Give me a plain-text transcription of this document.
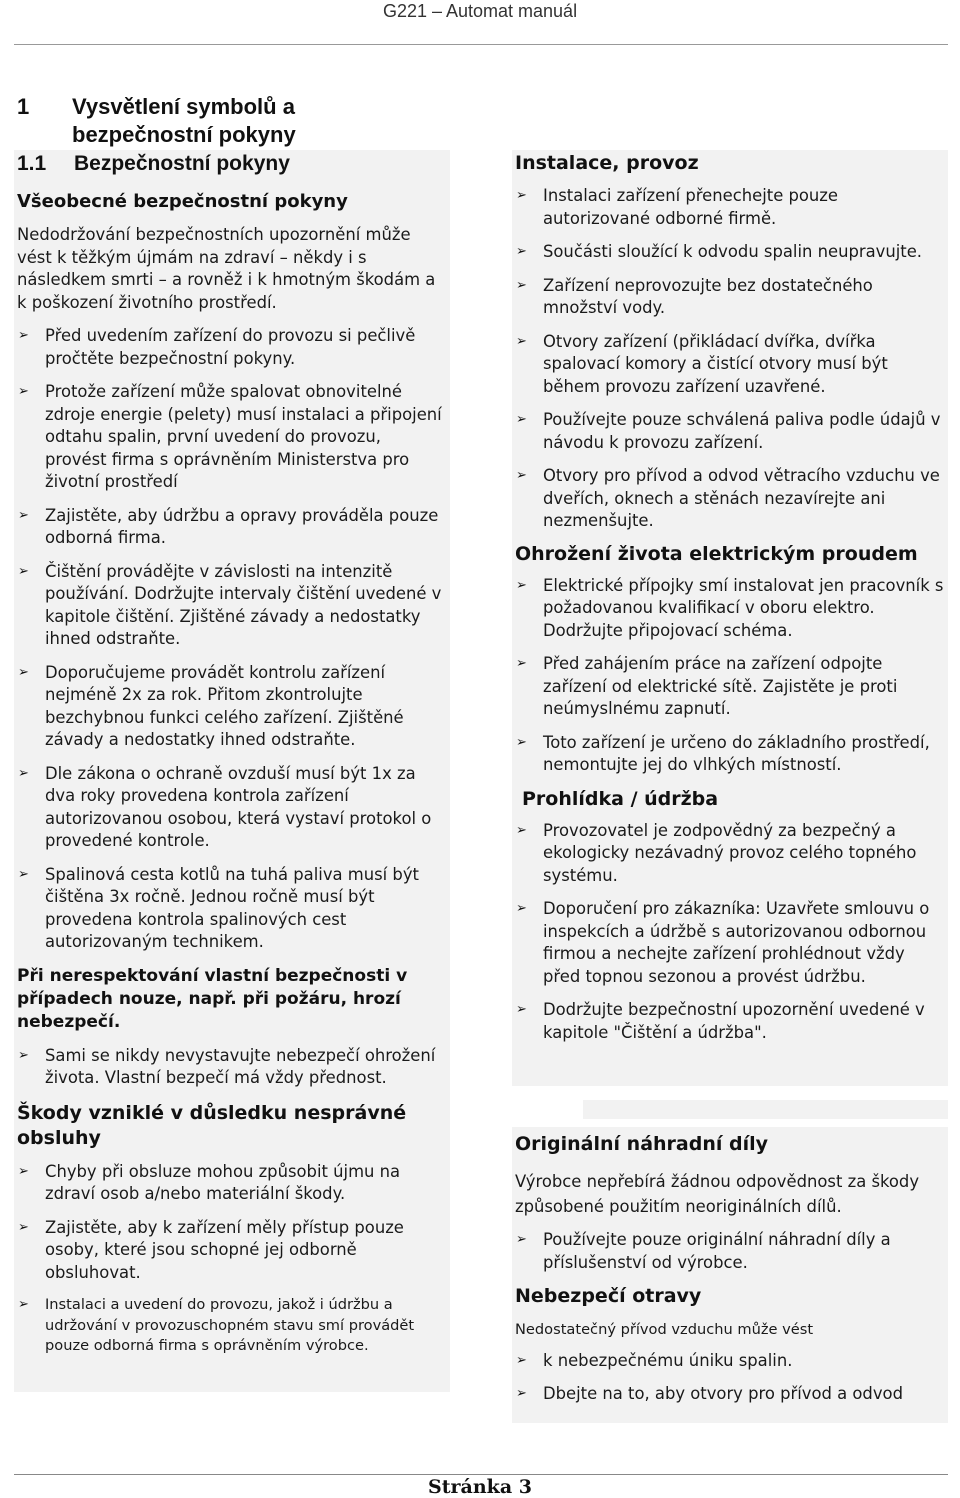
G221 – Automat manuál
1 Vysvětlení symbolů a bezpečnostní pokyny
1.1 Bezpečnostní pokyny
Všeobecné bezpečnostní pokyny
Nedodržování bezpečnostních upozornění může vést k těžkým újmám na zdraví – někdy i s následkem smrti – a rovněž i k hmotným škodám a k poškození životního prostředí.
➢ Před uvedením zařízení do provozu si pečlivě pročtěte bezpečnostní pokyny.
➢ Protože zařízení může spalovat obnovitelné zdroje energie (pelety) musí instalaci a připojení odtahu spalin, první uvedení do provozu, provést firma s oprávněním Ministerstva pro životní prostředí
➢ Zajistěte, aby údržbu a opravy prováděla pouze odborná firma.
➢ Čištění provádějte v závislosti na intenzitě používání. Dodržujte intervaly čištění uvedené v kapitole čištění. Zjištěné závady a nedostatky ihned odstraňte.
➢ Doporučujeme provádět kontrolu zařízení nejméně 2x za rok. Přitom zkontrolujte bezchybnou funkci celého zařízení. Zjištěné závady a nedostatky ihned odstraňte.
➢ Dle zákona o ochraně ovzduší musí být 1x za dva roky provedena kontrola zařízení autorizovanou osobou, která vystaví protokol o provedené kontrole.
➢ Spalinová cesta kotlů na tuhá paliva musí být čištěna 3x ročně. Jednou ročně musí být provedena kontrola spalinových cest autorizovaným technikem.
Při nerespektování vlastní bezpečnosti v případech nouze, např. při požáru, hrozí nebezpečí.
➢ Sami se nikdy nevystavujte nebezpečí ohrožení života. Vlastní bezpečí má vždy přednost.
Škody vzniklé v důsledku nesprávné obsluhy
➢ Chyby při obsluze mohou způsobit újmu na zdraví osob a/nebo materiální škody.
➢ Zajistěte, aby k zařízení měly přístup pouze osoby, které jsou schopné jej odborně obsluhovat.
➢ Instalaci a uvedení do provozu, jakož i údržbu a udržování v provozuschopném stavu smí provádět pouze odborná firma s oprávněním výrobce.
Instalace, provoz
➢ Instalaci zařízení přenechejte pouze autorizované odborné firmě.
➢ Součásti sloužící k odvodu spalin neupravujte.
➢ Zařízení neprovozujte bez dostatečného množství vody.
➢ Otvory zařízení (přikládací dvířka, dvířka spalovací komory a čistící otvory musí být během provozu zařízení uzavřené.
➢ Používejte pouze schválená paliva podle údajů v návodu k provozu zařízení.
➢ Otvory pro přívod a odvod větracího vzduchu ve dveřích, oknech a stěnách nezavírejte ani nezmenšujte.
Ohrožení života elektrickým proudem
➢ Elektrické přípojky smí instalovat jen pracovník s požadovanou kvalifikací v oboru elektro. Dodržujte připojovací schéma.
➢ Před zahájením práce na zařízení odpojte zařízení od elektrické sítě. Zajistěte je proti neúmyslnému zapnutí.
➢ Toto zařízení je určeno do základního prostředí, nemontujte jej do vlhkých místností.
Prohlídka / údržba
➢ Provozovatel je zodpovědný za bezpečný a ekologicky nezávadný provoz celého topného systému.
➢ Doporučení pro zákazníka: Uzavřete smlouvu o inspekcích a údržbě s autorizovanou odbornou firmou a nechejte zařízení prohlédnout vždy před topnou sezonou a provést údržbu.
➢ Dodržujte bezpečnostní upozornění uvedené v kapitole "Čištění a údržba".
Originální náhradní díly
Výrobce nepřebírá žádnou odpovědnost za škody způsobené použitím neoriginálních dílů.
➢ Používejte pouze originální náhradní díly a příslušenství od výrobce.
Nebezpečí otravy
Nedostatečný přívod vzduchu může vést
➢ k nebezpečnému úniku spalin.
➢ Dbejte na to, aby otvory pro přívod a odvod
Stránka 3
